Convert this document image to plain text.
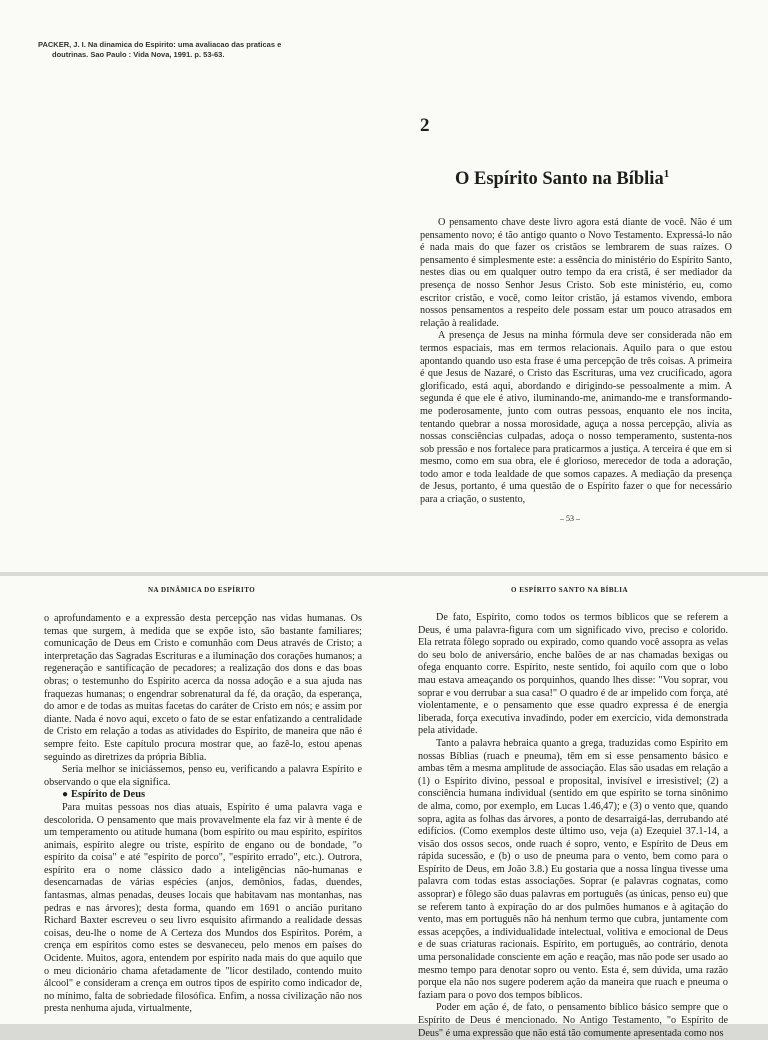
PACKER, J. I. Na dinamica do Espirito: uma avaliacao das praticas e
doutrinas. Sao Paulo : Vida Nova, 1991. p. 53-63.
2
O Espírito Santo na Bíblia$^1$

O pensamento chave deste livro agora está diante de você. Não é um pensamento novo; é tão antigo quanto o Novo Testamento. Expressá-lo não é nada mais do que fazer os cristãos se lembrarem de suas raízes. O pensamento é simplesmente este: a essência do ministério do Espírito Santo, nestes dias ou em qualquer outro tempo da era cristã, é ser mediador da presença de nosso Senhor Jesus Cristo. Sob este ministério, eu, como escritor cristão, e você, como leitor cristão, já estamos vivendo, embora nossos pensamentos a respeito dele possam estar um pouco atrasados em relação à realidade.

A presença de Jesus na minha fórmula deve ser considerada não em termos espaciais, mas em termos relacionais. Aquilo para o que estou apontando quando uso esta frase é uma percepção de três coisas. A primeira é que Jesus de Nazaré, o Cristo das Escrituras, uma vez crucificado, agora glorificado, está aqui, abordando e dirigindo-se pessoalmente a mim. A segunda é que ele é ativo, iluminando-me, animando-me e transformando-me poderosamente, junto com outras pessoas, enquanto ele nos incita, tentando quebrar a nossa morosidade, aguça a nossa percepção, alivia as nossas consciências culpadas, adoça o nosso temperamento, sustenta-nos sob pressão e nos fortalece para praticarmos a justiça. A terceira é que em si mesmo, como em sua obra, ele é glorioso, merecedor de toda a adoração, todo amor e toda lealdade de que somos capazes. A mediação da presença de Jesus, portanto, é uma questão de o Espírito fazer o que for necessário para a criação, o sustento,

– 53 –
NA DINÂMICA DO ESPÍRITO	O ESPÍRITO SANTO NA BÍBLIA

o aprofundamento e a expressão desta percepção nas vidas humanas. Os temas que surgem, à medida que se expõe isto, são bastante familiares; comunicação de Deus em Cristo e comunhão com Deus através de Cristo; a interpretação das Sagradas Escrituras e a iluminação dos corações humanos; a regeneração e santificação de pecadores; a realização dos dons e das boas obras; o testemunho do Espírito acerca da nossa adoção e a sua ajuda nas fraquezas humanas; o engendrar sobrenatural da fé, da oração, da esperança, do amor e de todas as muitas facetas do caráter de Cristo em nós; e assim por diante. Nada é novo aqui, exceto o fato de se estar enfatizando a centralidade de Cristo em relação a todas as atividades do Espírito, de maneira que não é sempre feito. Este capítulo procura mostrar que, ao fazê-lo, estou apenas seguindo as diretrizes da própria Bíblia.

Seria melhor se iniciássemos, penso eu, verificando a palavra Espírito e observando o que ela significa.

● Espírito de Deus

Para muitas pessoas nos dias atuais, Espírito é uma palavra vaga e descolorida. O pensamento que mais provavelmente ela faz vir à mente é de um temperamento ou atitude humana (bom espírito ou mau espírito, espíritos animais, espírito alegre ou triste, espírito de engano ou de bondade, "o espírito da coisa" e até "espírito de porco", "espírito errado", etc.). Outrora, espírito era o nome clássico dado a inteligências não-humanas e desencarnadas de várias espécies (anjos, demônios, fadas, duendes, fantasmas, almas penadas, deuses locais que habitavam nas montanhas, nas pedras e nas árvores); desta forma, quando em 1691 o ancião puritano Richard Baxter escreveu o seu livro esquisito afirmando a realidade dessas coisas, deu-lhe o nome de A Certeza dos Mundos dos Espíritos. Porém, a crença em espíritos como estes se desvaneceu, pelo menos em países do Ocidente. Muitos, agora, entendem por espírito nada mais do que aquilo que o meu dicionário chama afetadamente de "licor destilado, contendo muito álcool" e consideram a crença em outros tipos de espírito como indicador de, no mínimo, falta de sobriedade filosófica. Enfim, a nossa civilização não nos presta nenhuma ajuda, virtualmente,

De fato, Espírito, como todos os termos bíblicos que se referem a Deus, é uma palavra-figura com um significado vivo, preciso e colorido. Ela retrata fôlego soprado ou expirado, como quando você assopra as velas do seu bolo de aniversário, enche balões de ar nas chamadas bexigas ou ofega enquanto corre. Espírito, neste sentido, foi aquilo com que o lobo mau estava ameaçando os porquinhos, quando lhes disse: "Vou soprar, vou soprar e vou derrubar a sua casa!" O quadro é de ar impelido com força, até violentamente, e o pensamento que esse quadro expressa é de energia liberada, força executiva invadindo, poder em exercício, vida demonstrada pela atividade.

Tanto a palavra hebraica quanto a grega, traduzidas como Espírito em nossas Bíblias (ruach e pneuma), têm em si esse pensamento básico e ambas têm a mesma amplitude de associação. Elas são usadas em relação a (1) o Espírito divino, pessoal e proposital, invisível e irresistível; (2) a consciência humana individual (sentido em que espírito se torna sinônimo de alma, como, por exemplo, em Lucas 1.46,47); e (3) o vento que, quando sopra, agita as folhas das árvores, a ponto de desarraigá-las, derrubando até edifícios. (Como exemplos deste último uso, veja (a) Ezequiel 37.1-14, a visão dos ossos secos, onde ruach é sopro, vento, e Espírito de Deus em rápida sucessão, e (b) o uso de pneuma para o vento, bem como para o Espírito de Deus, em João 3.8.) Eu gostaria que a nossa língua tivesse uma palavra com todas estas associações. Soprar (e palavras cognatas, como assoprar) e fôlego são duas palavras em português (as únicas, penso eu) que se referem tanto à expiração do ar dos pulmões humanos e à agitação do vento, mas em português não há nenhum termo que cubra, juntamente com essas acepções, a individualidade intelectual, volitiva e emocional de Deus e de suas criaturas racionais. Espírito, em português, ao contrário, denota uma personalidade consciente em ação e reação, mas não pode ser usado ao mesmo tempo para denotar sopro ou vento. Esta é, sem dúvida, uma razão porque ela não nos sugere poderem ação da maneira que ruach e pneuma o faziam para o povo dos tempos bíblicos.

Poder em ação é, de fato, o pensamento bíblico básico sempre que o Espírito de Deus é mencionado. No Antigo Testamento, "o Espírito de Deus" é uma expressão que não está tão comumente apresentada como nos
